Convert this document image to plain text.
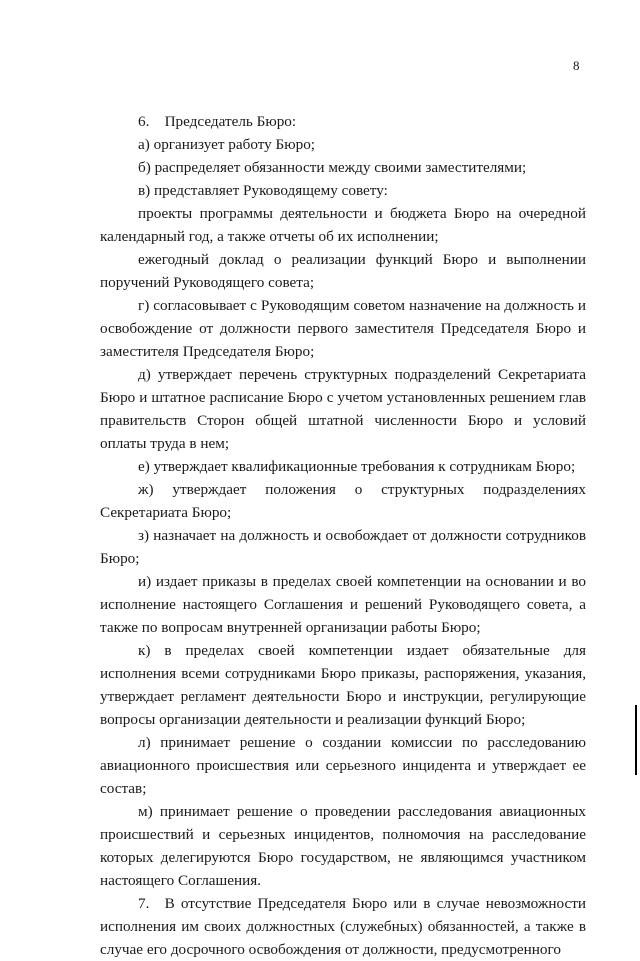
8

6. Председатель Бюро:

а) организует работу Бюро;

б) распределяет обязанности между своими заместителями;

в) представляет Руководящему совету:

проекты программы деятельности и бюджета Бюро на очередной календарный год, а также отчеты об их исполнении;

ежегодный доклад о реализации функций Бюро и выполнении поручений Руководящего совета;

г) согласовывает с Руководящим советом назначение на должность и освобождение от должности первого заместителя Председателя Бюро и заместителя Председателя Бюро;

д) утверждает перечень структурных подразделений Секретариата Бюро и штатное расписание Бюро с учетом установленных решением глав правительств Сторон общей штатной численности Бюро и условий оплаты труда в нем;

е) утверждает квалификационные требования к сотрудникам Бюро;

ж) утверждает положения о структурных подразделениях Секретариата Бюро;

з) назначает на должность и освобождает от должности сотрудников Бюро;

и) издает приказы в пределах своей компетенции на основании и во исполнение настоящего Соглашения и решений Руководящего совета, а также по вопросам внутренней организации работы Бюро;

к) в пределах своей компетенции издает обязательные для исполнения всеми сотрудниками Бюро приказы, распоряжения, указания, утверждает регламент деятельности Бюро и инструкции, регулирующие вопросы организации деятельности и реализации функций Бюро;

л) принимает решение о создании комиссии по расследованию авиационного происшествия или серьезного инцидента и утверждает ее состав;

м) принимает решение о проведении расследования авиационных происшествий и серьезных инцидентов, полномочия на расследование которых делегируются Бюро государством, не являющимся участником настоящего Соглашения.

7. В отсутствие Председателя Бюро или в случае невозможности исполнения им своих должностных (служебных) обязанностей, а также в случае его досрочного освобождения от должности, предусмотренного
